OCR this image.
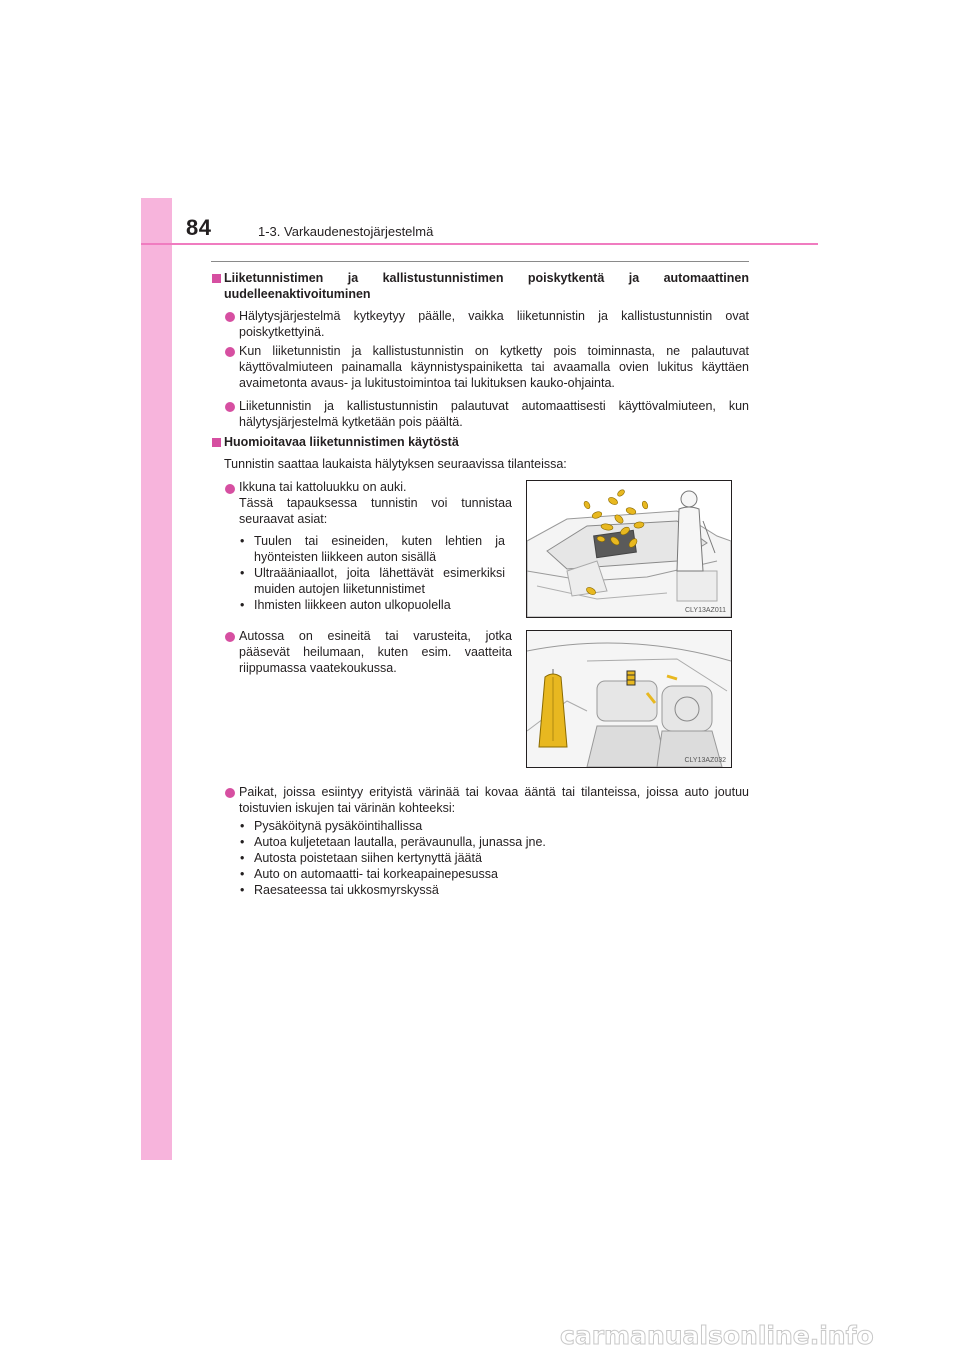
84	1-3. Varkaudenestojärjestelmä
Liiketunnistimen ja kallistustunnistimen poiskytkentä ja automaattinen
uudelleenaktivoituminen
Hälytysjärjestelmä kytkeytyy päälle, vaikka liiketunnistin ja kallistustunnistin ovat
poiskytkettyinä.
Kun liiketunnistin ja kallistustunnistin on kytketty pois toiminnasta, ne palautuvat
käyttövalmiuteen painamalla käynnistyspainiketta tai avaamalla ovien lukitus käyttäen
avaimetonta avaus- ja lukitustoimintoa tai lukituksen kauko-ohjainta.
Liiketunnistin ja kallistustunnistin palautuvat automaattisesti käyttövalmiuteen, kun
hälytysjärjestelmä kytketään pois päältä.
Huomioitavaa liiketunnistimen käytöstä
Tunnistin saattaa laukaista hälytyksen seuraavissa tilanteissa:
Ikkuna tai kattoluukku on auki.
Tässä tapauksessa tunnistin voi tunnistaa
seuraavat asiat:
• Tuulen tai esineiden, kuten lehtien ja
hyönteisten liikkeen auton sisällä
• Ultraääniaallot, joita lähettävät esimerkiksi
muiden autojen liiketunnistimet
• Ihmisten liikkeen auton ulkopuolella	CLY13AZ011
Autossa on esineitä tai varusteita, jotka
pääsevät heilumaan, kuten esim. vaatteita
riippumassa vaatekoukussa.
CLY13AZ032
Paikat, joissa esiintyy erityistä värinää tai kovaa ääntä tai tilanteissa, joissa auto joutuu
toistuvien iskujen tai värinän kohteeksi:
• Pysäköitynä pysäköintihallissa
• Autoa kuljetetaan lautalla, perävaunulla, junassa jne.
• Autosta poistetaan siihen kertynyttä jäätä
• Auto on automaatti- tai korkeapainepesussa
• Raesateessa tai ukkosmyrskyssä
carmanualsonline.info
